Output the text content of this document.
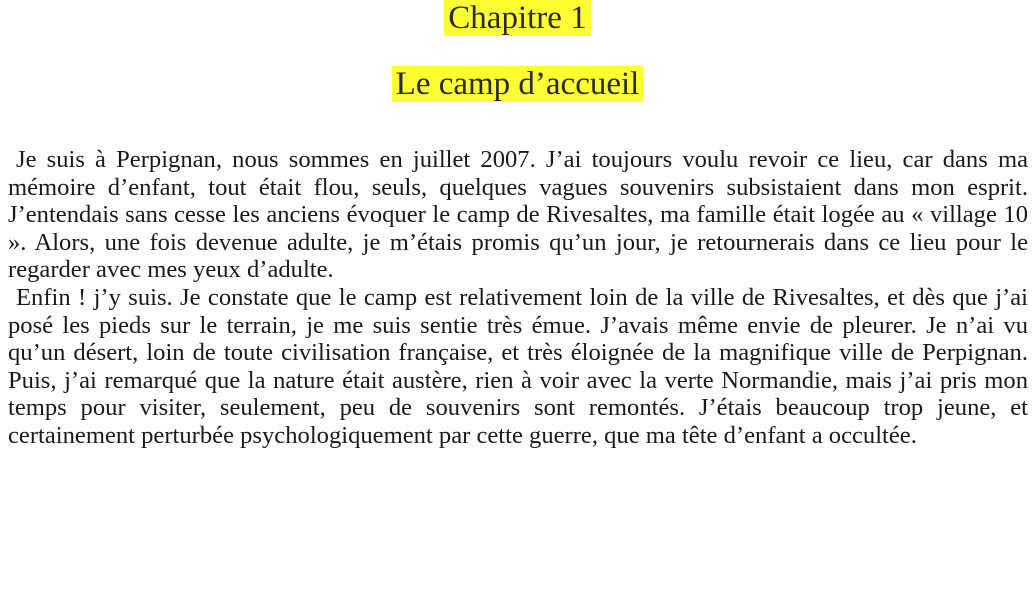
Chapitre 1
Le camp d’accueil

Je suis à Perpignan, nous sommes en juillet 2007. J’ai toujours voulu revoir ce lieu, car dans ma mémoire d’enfant, tout était flou, seuls, quelques vagues souvenirs subsistaient dans mon esprit. J’entendais sans cesse les anciens évoquer le camp de Rivesaltes, ma famille était logée au « village 10 ». Alors, une fois devenue adulte, je m’étais promis qu’un jour, je retournerais dans ce lieu pour le regarder avec mes yeux d’adulte.

Enfin ! j’y suis. Je constate que le camp est relativement loin de la ville de Rivesaltes, et dès que j’ai posé les pieds sur le terrain, je me suis sentie très émue. J’avais même envie de pleurer. Je n’ai vu qu’un désert, loin de toute civilisation française, et très éloignée de la magnifique ville de Perpignan. Puis, j’ai remarqué que la nature était austère, rien à voir avec la verte Normandie, mais j’ai pris mon temps pour visiter, seulement, peu de souvenirs sont remontés. J’étais beaucoup trop jeune, et certainement perturbée psychologiquement par cette guerre, que ma tête d’enfant a occultée.
